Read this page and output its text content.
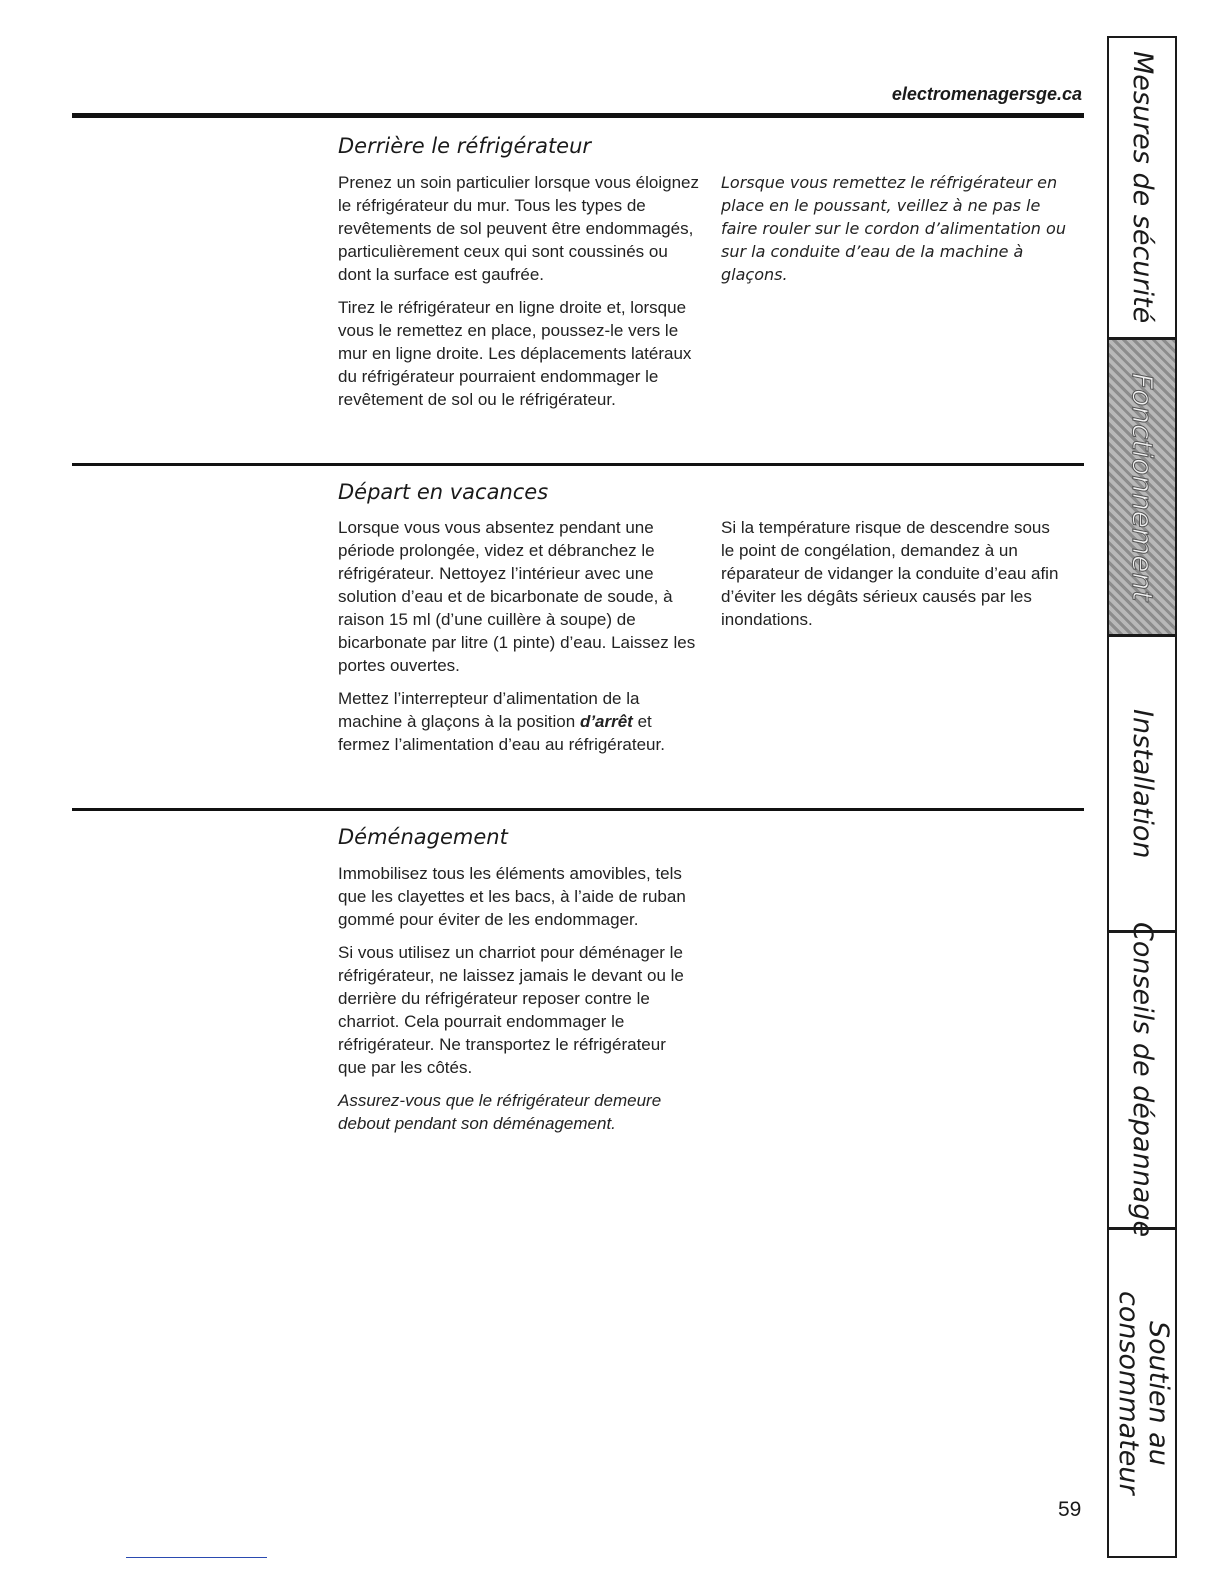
electromenagersge.ca
Derrière le réfrigérateur

Prenez un soin particulier lorsque vous éloignez le réfrigérateur du mur. Tous les types de revêtements de sol peuvent être endommagés, particulièrement ceux qui sont coussinés ou dont la surface est gaufrée.

Tirez le réfrigérateur en ligne droite et, lorsque vous le remettez en place, poussez-le vers le mur en ligne droite. Les déplacements latéraux du réfrigérateur pourraient endommager le revêtement de sol ou le réfrigérateur.

Lorsque vous remettez le réfrigérateur en place en le poussant, veillez à ne pas le faire rouler sur le cordon d’alimentation ou sur la conduite d’eau de la machine à glaçons.

Départ en vacances

Lorsque vous vous absentez pendant une période prolongée, videz et débranchez le réfrigérateur. Nettoyez l’intérieur avec une solution d’eau et de bicarbonate de soude, à raison 15 ml (d’une cuillère à soupe) de bicarbonate par litre (1 pinte) d’eau. Laissez les portes ouvertes.

Mettez l’interrepteur d’alimentation de la machine à glaçons à la position d’arrêt et fermez l’alimentation d’eau au réfrigérateur.

Si la température risque de descendre sous le point de congélation, demandez à un réparateur de vidanger la conduite d’eau afin d’éviter les dégâts sérieux causés par les inondations.

Déménagement

Immobilisez tous les éléments amovibles, tels que les clayettes et les bacs, à l’aide de ruban gommé pour éviter de les endommager.

Si vous utilisez un charriot pour déménager le réfrigérateur, ne laissez jamais le devant ou le derrière du réfrigérateur reposer contre le charriot. Cela pourrait endommager le réfrigérateur. Ne transportez le réfrigérateur que par les côtés.

Assurez-vous que le réfrigérateur demeure debout pendant son déménagement.

Mesures de sécurité
Fonctionnement
Installation
Conseils de dépannage
Soutien au consommateur
59
